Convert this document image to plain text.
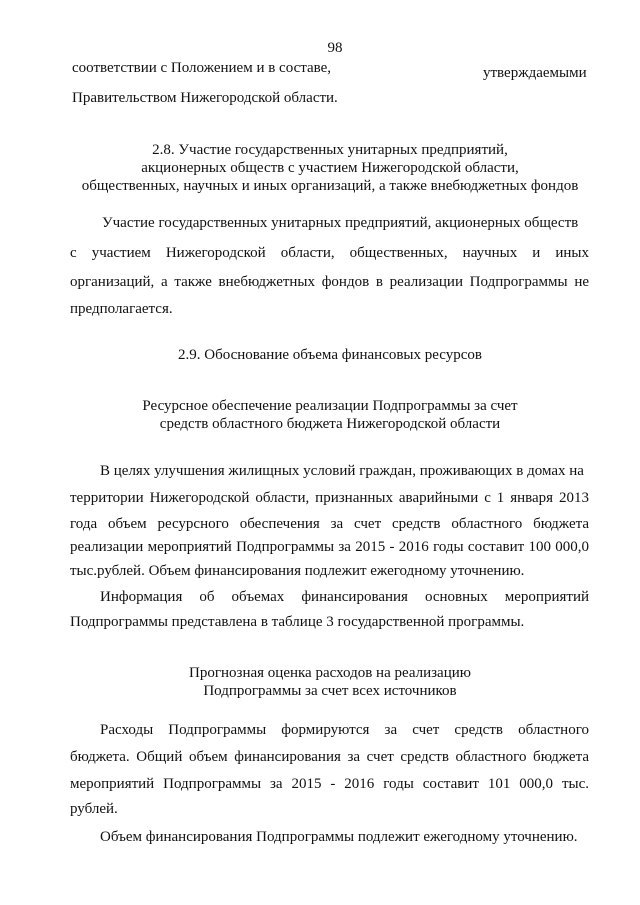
98
соответствии с Положением и в составе,	утверждаемыми
Правительством Нижегородской области.
2.8. Участие государственных унитарных предприятий,
акционерных обществ с участием Нижегородской области,
общественных, научных и иных организаций, а также внебюджетных фондов
Участие государственных унитарных предприятий, акционерных обществ
с участием Нижегородской области, общественных, научных и иных
организаций, а также внебюджетных фондов в реализации Подпрограммы не
предполагается.
2.9. Обоснование объема финансовых ресурсов
Ресурсное обеспечение реализации Подпрограммы за счет
средств областного бюджета Нижегородской области
В целях улучшения жилищных условий граждан, проживающих в домах на
территории Нижегородской области, признанных аварийными с 1 января 2013
года объем ресурсного обеспечения за счет средств областного бюджета
реализации мероприятий Подпрограммы за 2015 - 2016 годы составит 100 000,0
тыс.рублей. Объем финансирования подлежит ежегодному уточнению.
Информация об объемах финансирования основных мероприятий
Подпрограммы представлена в таблице 3 государственной программы.
Прогнозная оценка расходов на реализацию
Подпрограммы за счет всех источников
Расходы Подпрограммы формируются за счет средств областного
бюджета. Общий объем финансирования за счет средств областного бюджета
мероприятий Подпрограммы за 2015 - 2016 годы составит 101 000,0 тыс.
рублей.
Объем финансирования Подпрограммы подлежит ежегодному уточнению.
